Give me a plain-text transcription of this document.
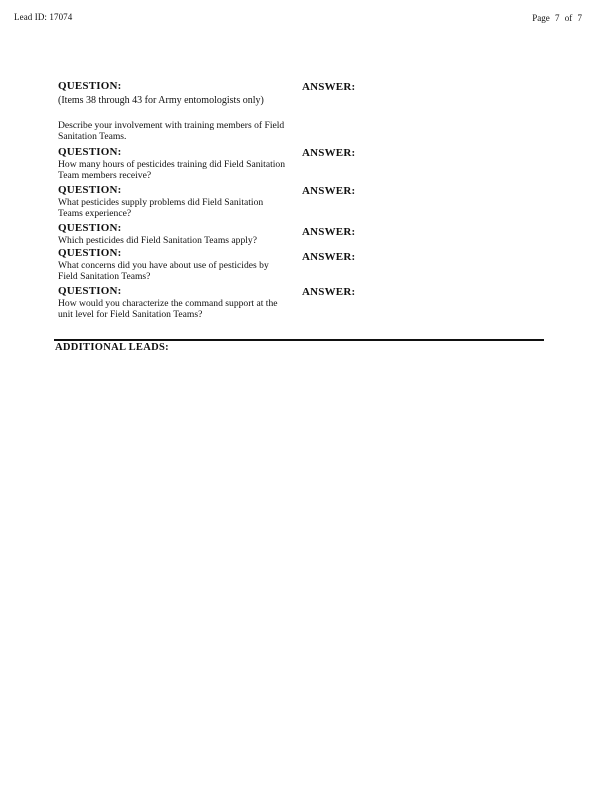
Lead ID: 17074	Page 7 of 7
QUESTION:
(Items 38 through 43 for Army entomologists only)
Describe your involvement with training members of Field Sanitation Teams.
ANSWER:
QUESTION:
How many hours of pesticides training did Field Sanitation Team members receive?
ANSWER:
QUESTION:
What pesticides supply problems did Field Sanitation Teams experience?
ANSWER:
QUESTION:
Which pesticides did Field Sanitation Teams apply?
ANSWER:
QUESTION:
What concerns did you have about use of pesticides by Field Sanitation Teams?
ANSWER:
QUESTION:
How would you characterize the command support at the unit level for Field Sanitation Teams?
ANSWER:
ADDITIONAL LEADS:
